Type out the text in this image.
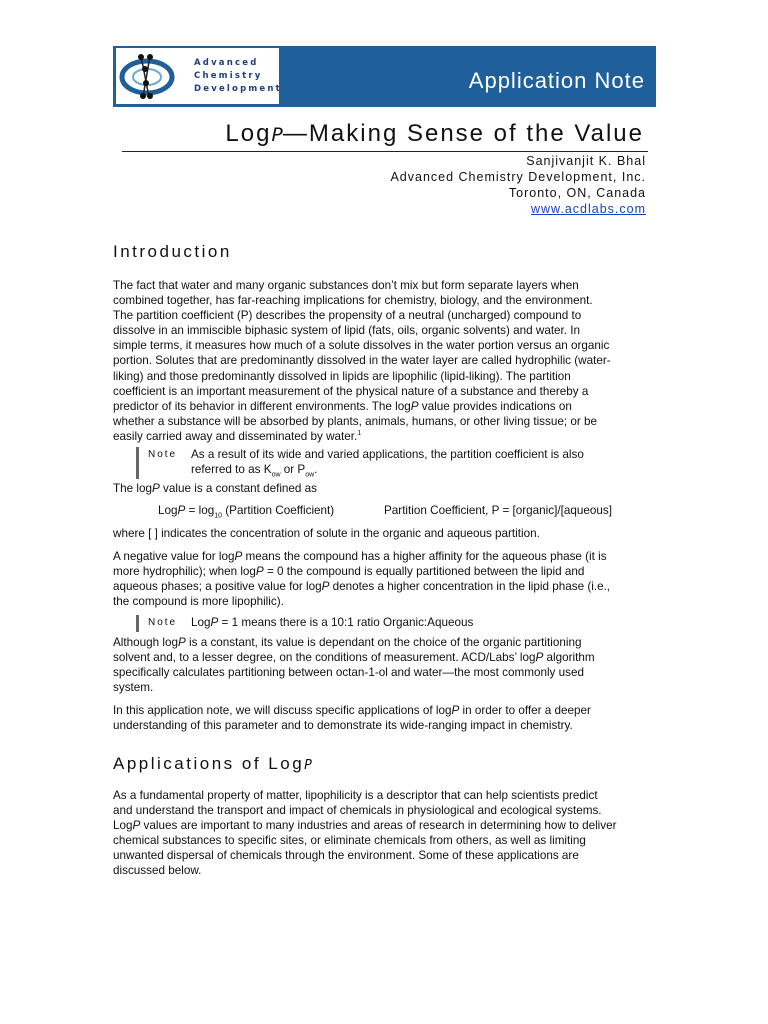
Advanced
Chemistry
Development	Application Note
LogP—Making Sense of the Value
Sanjivanjit K. Bhal
Advanced Chemistry Development, Inc.
Toronto, ON, Canada
www.acdlabs.com
Introduction
The fact that water and many organic substances don’t mix but form separate layers when
combined together, has far-reaching implications for chemistry, biology, and the environment.
The partition coefficient (P) describes the propensity of a neutral (uncharged) compound to
dissolve in an immiscible biphasic system of lipid (fats, oils, organic solvents) and water. In
simple terms, it measures how much of a solute dissolves in the water portion versus an organic
portion. Solutes that are predominantly dissolved in the water layer are called hydrophilic (water-
liking) and those predominantly dissolved in lipids are lipophilic (lipid-liking). The partition
coefficient is an important measurement of the physical nature of a substance and thereby a
predictor of its behavior in different environments. The logP value provides indications on
whether a substance will be absorbed by plants, animals, humans, or other living tissue; or be
easily carried away and disseminated by water.$^1$
Note As a result of its wide and varied applications, the partition coefficient is also
referred to as $K_{ow}$ or $P_{ow}$.
The logP value is a constant defined as
LogP = $\log_{10}$ (Partition Coefficient)	Partition Coefficient, P = [organic]/[aqueous]
where [ ] indicates the concentration of solute in the organic and aqueous partition.
A negative value for logP means the compound has a higher affinity for the aqueous phase (it is
more hydrophilic); when logP = 0 the compound is equally partitioned between the lipid and
aqueous phases; a positive value for logP denotes a higher concentration in the lipid phase (i.e.,
the compound is more lipophilic).
Note LogP = 1 means there is a 10:1 ratio Organic:Aqueous
Although logP is a constant, its value is dependant on the choice of the organic partitioning
solvent and, to a lesser degree, on the conditions of measurement. ACD/Labs’ logP algorithm
specifically calculates partitioning between octan-1-ol and water—the most commonly used
system.
In this application note, we will discuss specific applications of logP in order to offer a deeper
understanding of this parameter and to demonstrate its wide-ranging impact in chemistry.
Applications of LogP
As a fundamental property of matter, lipophilicity is a descriptor that can help scientists predict
and understand the transport and impact of chemicals in physiological and ecological systems.
LogP values are important to many industries and areas of research in determining how to deliver
chemical substances to specific sites, or eliminate chemicals from others, as well as limiting
unwanted dispersal of chemicals through the environment. Some of these applications are
discussed below.
